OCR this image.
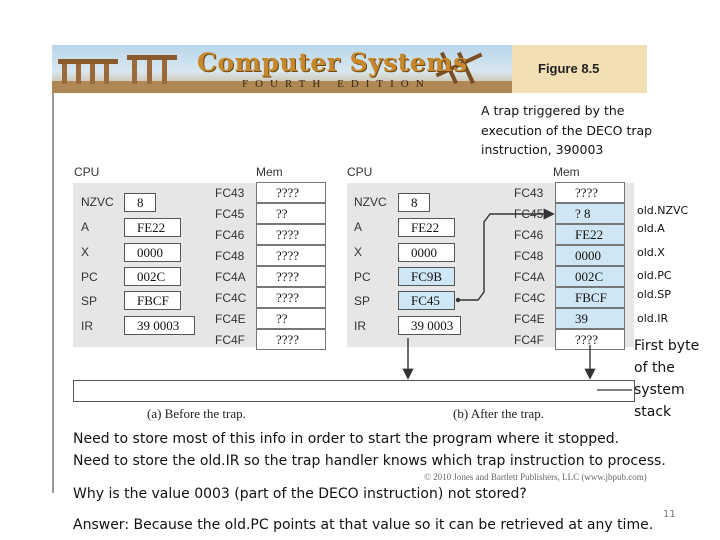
Computer Systems
FOURTH EDITION
Figure 8.5
A trap triggered by the execution of the DECO trap instruction, 390003
CPU	Mem	CPU	Mem
NZVC	8
A	FE22
X	0000
PC	002C
SP	FBCF
IR	39 0003
FC43	????
FC45	??
FC46	????
FC48	????
FC4A	????
FC4C	????
FC4E	??
FC4F	????
NZVC	8
A	FE22
X	0000
PC	FC9B
SP	FC45
IR	39 0003
FC43	????
FC45	? 8
FC46	FE22
FC48	0000
FC4A	002C
FC4C	FBCF
FC4E	39
FC4F	????
(a) Before the trap.	(b) After the trap.
© 2010 Jones and Bartlett Publishers, LLC (www.jbpub.com)
old.NZVC
old.A
old.X
old.PC
old.SP
old.IR
First byte of the system stack
Need to store most of this info in order to start the program where it stopped.
Need to store the old.IR so the trap handler knows which trap instruction to process.
Why is the value 0003 (part of the DECO instruction) not stored?
11
Answer: Because the old.PC points at that value so it can be retrieved at any time.
